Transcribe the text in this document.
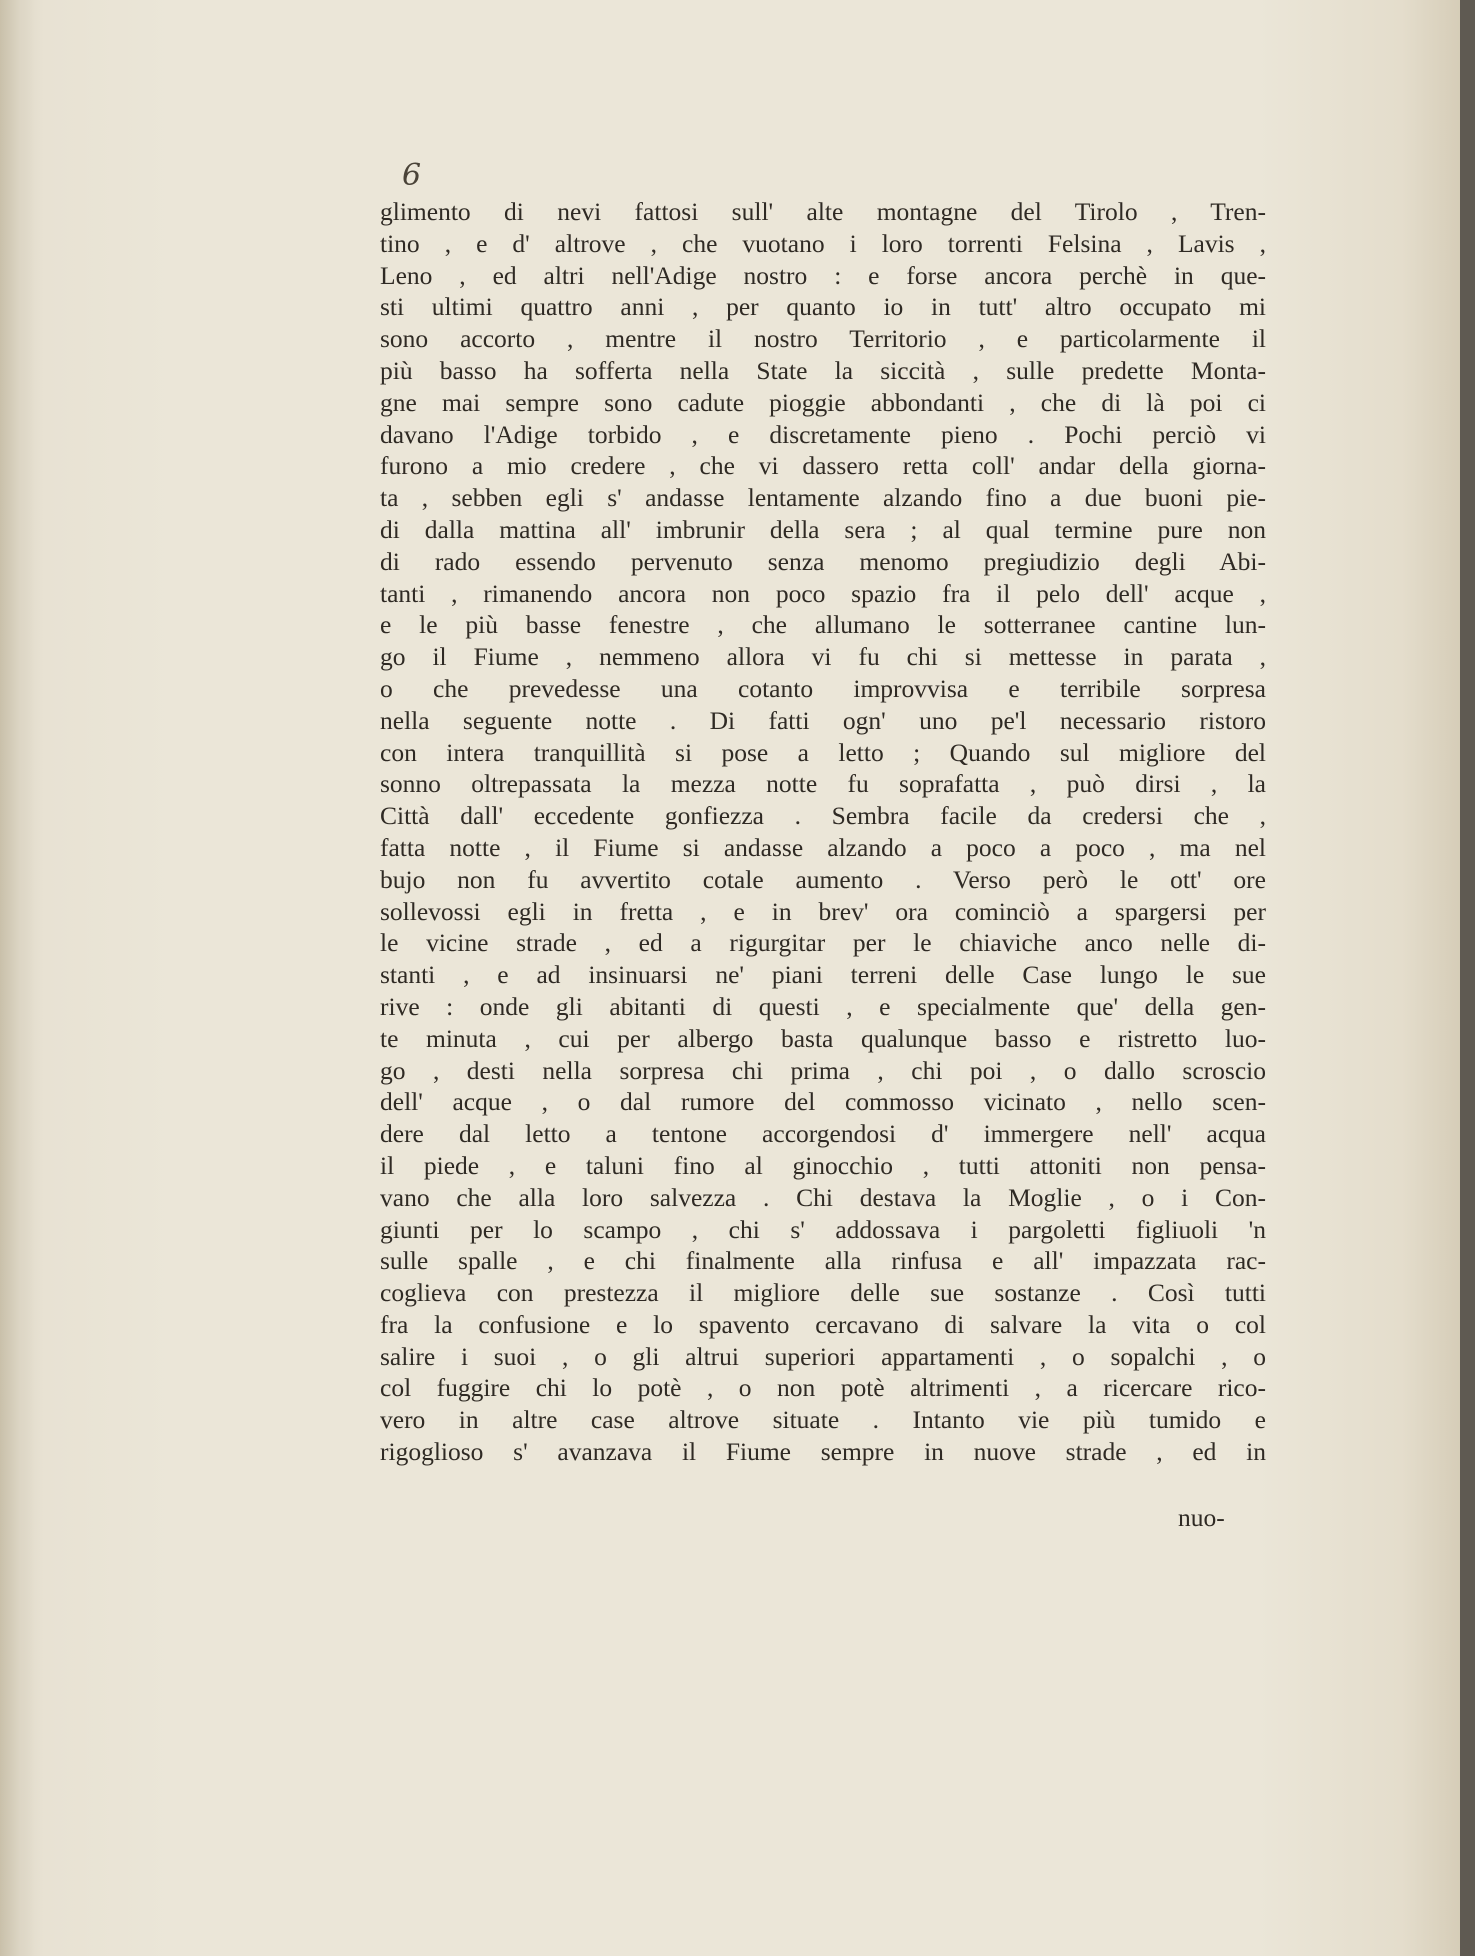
6
glimento di nevi fattosi sull' alte montagne del Tirolo , Tren-
tino , e d' altrove , che vuotano i loro torrenti Felsina , Lavis ,
Leno , ed altri nell'Adige nostro : e forse ancora perchè in que-
sti ultimi quattro anni , per quanto io in tutt' altro occupato mi
sono accorto , mentre il nostro Territorio , e particolarmente il
più basso ha sofferta nella State la siccità , sulle predette Monta-
gne mai sempre sono cadute pioggie abbondanti , che di là poi ci
davano l'Adige torbido , e discretamente pieno . Pochi perciò vi
furono a mio credere , che vi dassero retta coll' andar della giorna-
ta , sebben egli s' andasse lentamente alzando fino a due buoni pie-
di dalla mattina all' imbrunir della sera ; al qual termine pure non
di rado essendo pervenuto senza menomo pregiudizio degli Abi-
tanti , rimanendo ancora non poco spazio fra il pelo dell' acque ,
e le più basse fenestre , che allumano le sotterranee cantine lun-
go il Fiume , nemmeno allora vi fu chi si mettesse in parata ,
o che prevedesse una cotanto improvvisa e terribile sorpresa
nella seguente notte . Di fatti ogn' uno pe'l necessario ristoro
con intera tranquillità si pose a letto ; Quando sul migliore del
sonno oltrepassata la mezza notte fu soprafatta , può dirsi , la
Città dall' eccedente gonfiezza . Sembra facile da credersi che ,
fatta notte , il Fiume si andasse alzando a poco a poco , ma nel
bujo non fu avvertito cotale aumento . Verso però le ott' ore
sollevossi egli in fretta , e in brev' ora cominciò a spargersi per
le vicine strade , ed a rigurgitar per le chiaviche anco nelle di-
stanti , e ad insinuarsi ne' piani terreni delle Case lungo le sue
rive : onde gli abitanti di questi , e specialmente que' della gen-
te minuta , cui per albergo basta qualunque basso e ristretto luo-
go , desti nella sorpresa chi prima , chi poi , o dallo scroscio
dell' acque , o dal rumore del commosso vicinato , nello scen-
dere dal letto a tentone accorgendosi d' immergere nell' acqua
il piede , e taluni fino al ginocchio , tutti attoniti non pensa-
vano che alla loro salvezza . Chi destava la Moglie , o i Con-
giunti per lo scampo , chi s' addossava i pargoletti figliuoli 'n
sulle spalle , e chi finalmente alla rinfusa e all' impazzata rac-
coglieva con prestezza il migliore delle sue sostanze . Così tutti
fra la confusione e lo spavento cercavano di salvare la vita o col
salire i suoi , o gli altrui superiori appartamenti , o sopalchi , o
col fuggire chi lo potè , o non potè altrimenti , a ricercare rico-
vero in altre case altrove situate . Intanto vie più tumido e
rigoglioso s' avanzava il Fiume sempre in nuove strade , ed in
nuo-
